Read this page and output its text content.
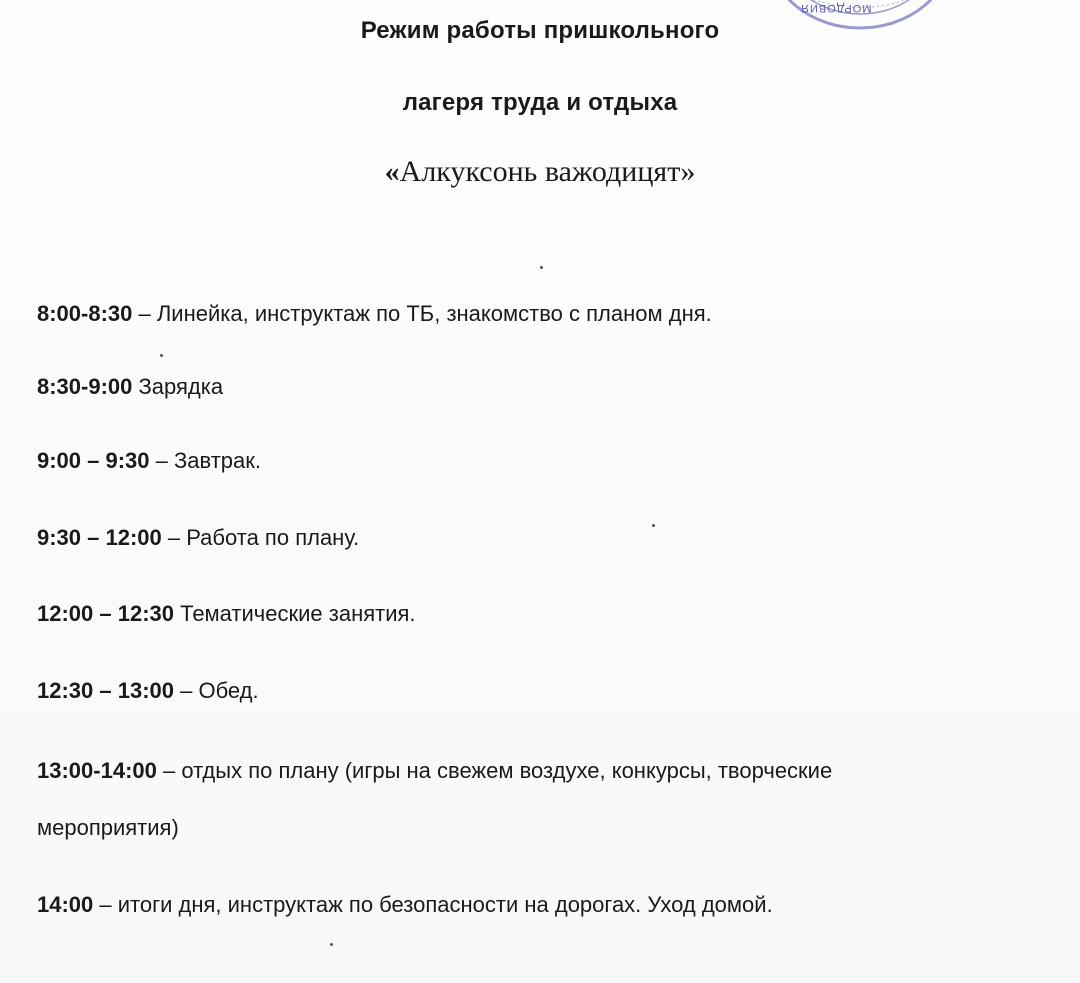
МОРДОВИЯ
Режим работы пришкольного
лагеря труда и отдыха
«Алкуксонь важодицят»
8:00-8:30 – Линейка, инструктаж по ТБ, знакомство с планом дня.
8:30-9:00 Зарядка
9:00 – 9:30 – Завтрак.
9:30 – 12:00 – Работа по плану.
12:00 – 12:30 Тематические занятия.
12:30 – 13:00 – Обед.
13:00-14:00 – отдых по плану (игры на свежем воздухе, конкурсы, творческие
мероприятия)
14:00 – итоги дня, инструктаж по безопасности на дорогах. Уход домой.
